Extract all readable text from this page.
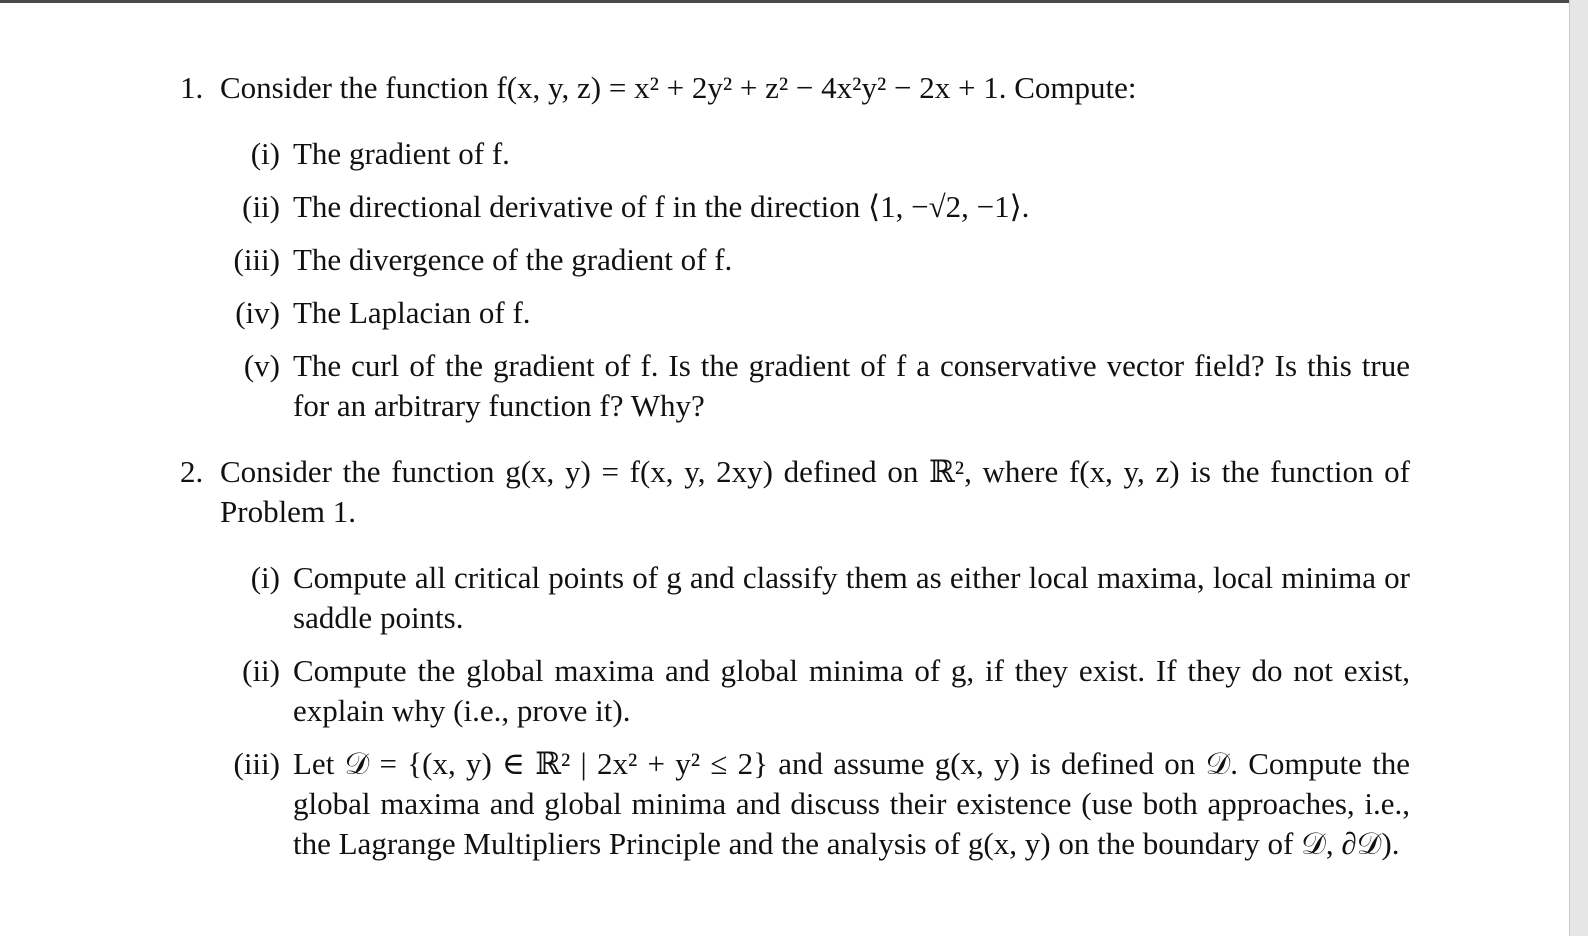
1. Consider the function f(x, y, z) = x² + 2y² + z² − 4x²y² − 2x + 1. Compute:
(i) The gradient of f.
(ii) The directional derivative of f in the direction ⟨1, −√2, −1⟩.
(iii) The divergence of the gradient of f.
(iv) The Laplacian of f.
(v) The curl of the gradient of f. Is the gradient of f a conservative vector field? Is this true for an arbitrary function f? Why?
2. Consider the function g(x, y) = f(x, y, 2xy) defined on ℝ², where f(x, y, z) is the function of Problem 1.
(i) Compute all critical points of g and classify them as either local maxima, local minima or saddle points.
(ii) Compute the global maxima and global minima of g, if they exist. If they do not exist, explain why (i.e., prove it).
(iii) Let 𝒟 = {(x, y) ∈ ℝ² | 2x² + y² ≤ 2} and assume g(x, y) is defined on 𝒟. Compute the global maxima and global minima and discuss their existence (use both approaches, i.e., the Lagrange Multipliers Principle and the analysis of g(x, y) on the boundary of 𝒟, ∂𝒟).
